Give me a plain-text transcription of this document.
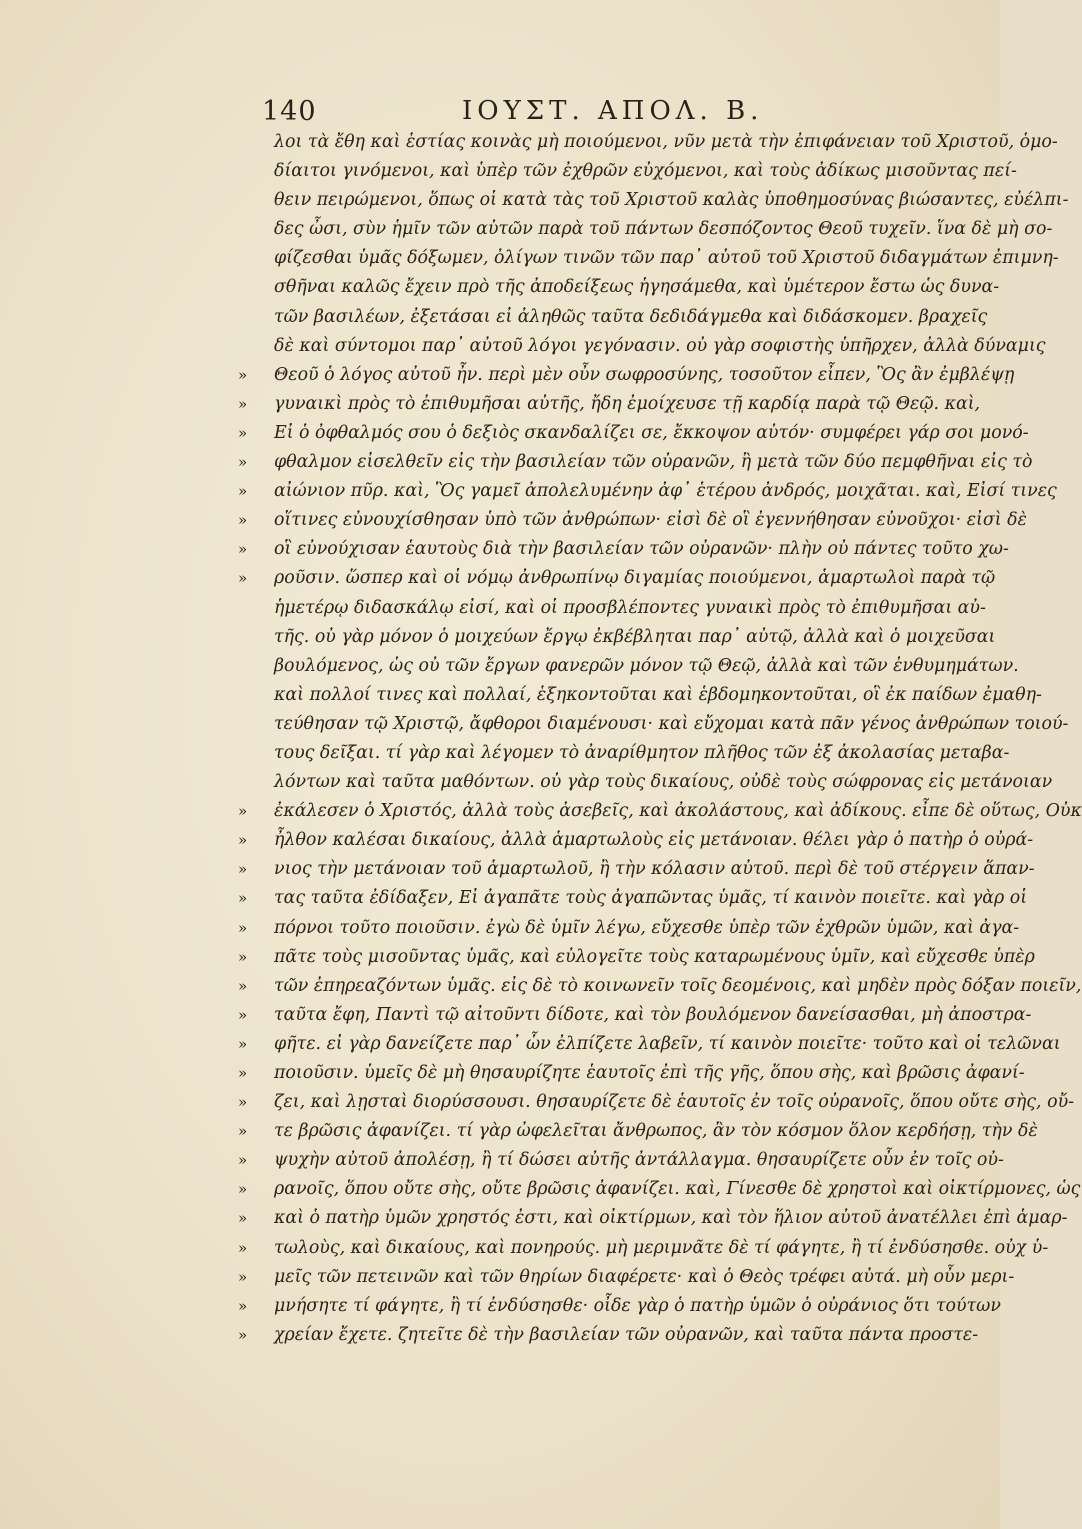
140	ΙΟΥΣΤ. ΑΠΟΛ. Β.
λοι τὰ ἔθη καὶ ἑστίας κοινὰς μὴ ποιούμενοι, νῦν μετὰ τὴν ἐπιφάνειαν τοῦ Χριστοῦ, ὁμο-
δίαιτοι γινόμενοι, καὶ ὑπὲρ τῶν ἐχθρῶν εὐχόμενοι, καὶ τοὺς ἀδίκως μισοῦντας πεί-
θειν πειρώμενοι, ὅπως οἱ κατὰ τὰς τοῦ Χριστοῦ καλὰς ὑποθημοσύνας βιώσαντες, εὐέλπι-
δες ὦσι, σὺν ἡμῖν τῶν αὐτῶν παρὰ τοῦ πάντων δεσπόζοντος Θεοῦ τυχεῖν. ἵνα δὲ μὴ σο-
φίζεσθαι ὑμᾶς δόξωμεν, ὀλίγων τινῶν τῶν παρ᾽ αὐτοῦ τοῦ Χριστοῦ διδαγμάτων ἐπιμνη-
σθῆναι καλῶς ἔχειν πρὸ τῆς ἀποδείξεως ἡγησάμεθα, καὶ ὑμέτερον ἔστω ὡς δυνα-
τῶν βασιλέων, ἐξετάσαι εἰ ἀληθῶς ταῦτα δεδιδάγμεθα καὶ διδάσκομεν. βραχεῖς
δὲ καὶ σύντομοι παρ᾽ αὐτοῦ λόγοι γεγόνασιν. οὐ γὰρ σοφιστὴς ὑπῆρχεν, ἀλλὰ δύναμις
»	Θεοῦ ὁ λόγος αὐτοῦ ἦν. περὶ μὲν οὖν σωφροσύνης, τοσοῦτον εἶπεν, Ὃς ἂν ἐμβλέψῃ
»	γυναικὶ πρὸς τὸ ἐπιθυμῆσαι αὐτῆς, ἤδη ἐμοίχευσε τῇ καρδίᾳ παρὰ τῷ Θεῷ. καὶ,
»	Εἰ ὁ ὀφθαλμός σου ὁ δεξιὸς σκανδαλίζει σε, ἔκκοψον αὐτόν· συμφέρει γάρ σοι μονό-
»	φθαλμον εἰσελθεῖν εἰς τὴν βασιλείαν τῶν οὐρανῶν, ἢ μετὰ τῶν δύο πεμφθῆναι εἰς τὸ
»	αἰώνιον πῦρ. καὶ, Ὃς γαμεῖ ἀπολελυμένην ἀφ᾽ ἑτέρου ἀνδρός, μοιχᾶται. καὶ, Εἰσί τινες
»	οἵτινες εὐνουχίσθησαν ὑπὸ τῶν ἀνθρώπων· εἰσὶ δὲ οἳ ἐγεννήθησαν εὐνοῦχοι· εἰσὶ δὲ
»	οἳ εὐνούχισαν ἑαυτοὺς διὰ τὴν βασιλείαν τῶν οὐρανῶν· πλὴν οὐ πάντες τοῦτο χω-
»	ροῦσιν. ὥσπερ καὶ οἱ νόμῳ ἀνθρωπίνῳ διγαμίας ποιούμενοι, ἁμαρτωλοὶ παρὰ τῷ
ἡμετέρῳ διδασκάλῳ εἰσί, καὶ οἱ προσβλέποντες γυναικὶ πρὸς τὸ ἐπιθυμῆσαι αὐ-
τῆς. οὐ γὰρ μόνον ὁ μοιχεύων ἔργῳ ἐκβέβληται παρ᾽ αὐτῷ, ἀλλὰ καὶ ὁ μοιχεῦσαι
βουλόμενος, ὡς οὐ τῶν ἔργων φανερῶν μόνον τῷ Θεῷ, ἀλλὰ καὶ τῶν ἐνθυμημάτων.
καὶ πολλοί τινες καὶ πολλαί, ἑξηκοντοῦται καὶ ἑβδομηκοντοῦται, οἳ ἐκ παίδων ἐμαθη-
τεύθησαν τῷ Χριστῷ, ἄφθοροι διαμένουσι· καὶ εὔχομαι κατὰ πᾶν γένος ἀνθρώπων τοιού-
τους δεῖξαι. τί γὰρ καὶ λέγομεν τὸ ἀναρίθμητον πλῆθος τῶν ἐξ ἀκολασίας μεταβα-
λόντων καὶ ταῦτα μαθόντων. οὐ γὰρ τοὺς δικαίους, οὐδὲ τοὺς σώφρονας εἰς μετάνοιαν
»	ἐκάλεσεν ὁ Χριστός, ἀλλὰ τοὺς ἀσεβεῖς, καὶ ἀκολάστους, καὶ ἀδίκους. εἶπε δὲ οὕτως, Οὐκ
»	ἦλθον καλέσαι δικαίους, ἀλλὰ ἁμαρτωλοὺς εἰς μετάνοιαν. θέλει γὰρ ὁ πατὴρ ὁ οὐρά-
»	νιος τὴν μετάνοιαν τοῦ ἁμαρτωλοῦ, ἢ τὴν κόλασιν αὐτοῦ. περὶ δὲ τοῦ στέργειν ἅπαν-
»	τας ταῦτα ἐδίδαξεν, Εἰ ἀγαπᾶτε τοὺς ἀγαπῶντας ὑμᾶς, τί καινὸν ποιεῖτε. καὶ γὰρ οἱ
»	πόρνοι τοῦτο ποιοῦσιν. ἐγὼ δὲ ὑμῖν λέγω, εὔχεσθε ὑπὲρ τῶν ἐχθρῶν ὑμῶν, καὶ ἀγα-
»	πᾶτε τοὺς μισοῦντας ὑμᾶς, καὶ εὐλογεῖτε τοὺς καταρωμένους ὑμῖν, καὶ εὔχεσθε ὑπὲρ
»	τῶν ἐπηρεαζόντων ὑμᾶς. εἰς δὲ τὸ κοινωνεῖν τοῖς δεομένοις, καὶ μηδὲν πρὸς δόξαν ποιεῖν,
»	ταῦτα ἔφη, Παντὶ τῷ αἰτοῦντι δίδοτε, καὶ τὸν βουλόμενον δανείσασθαι, μὴ ἀποστρα-
»	φῆτε. εἰ γὰρ δανείζετε παρ᾽ ὧν ἐλπίζετε λαβεῖν, τί καινὸν ποιεῖτε· τοῦτο καὶ οἱ τελῶναι
»	ποιοῦσιν. ὑμεῖς δὲ μὴ θησαυρίζητε ἑαυτοῖς ἐπὶ τῆς γῆς, ὅπου σὴς, καὶ βρῶσις ἀφανί-
»	ζει, καὶ λῃσταὶ διορύσσουσι. θησαυρίζετε δὲ ἑαυτοῖς ἐν τοῖς οὐρανοῖς, ὅπου οὔτε σὴς, οὔ-
»	τε βρῶσις ἀφανίζει. τί γὰρ ὠφελεῖται ἄνθρωπος, ἂν τὸν κόσμον ὅλον κερδήσῃ, τὴν δὲ
»	ψυχὴν αὐτοῦ ἀπολέσῃ, ἢ τί δώσει αὐτῆς ἀντάλλαγμα. θησαυρίζετε οὖν ἐν τοῖς οὐ-
»	ρανοῖς, ὅπου οὔτε σὴς, οὔτε βρῶσις ἀφανίζει. καὶ, Γίνεσθε δὲ χρηστοὶ καὶ οἰκτίρμονες, ὡς
»	καὶ ὁ πατὴρ ὑμῶν χρηστός ἐστι, καὶ οἰκτίρμων, καὶ τὸν ἥλιον αὐτοῦ ἀνατέλλει ἐπὶ ἁμαρ-
»	τωλοὺς, καὶ δικαίους, καὶ πονηρούς. μὴ μεριμνᾶτε δὲ τί φάγητε, ἢ τί ἐνδύσησθε. οὐχ ὑ-
»	μεῖς τῶν πετεινῶν καὶ τῶν θηρίων διαφέρετε· καὶ ὁ Θεὸς τρέφει αὐτά. μὴ οὖν μερι-
»	μνήσητε τί φάγητε, ἢ τί ἐνδύσησθε· οἶδε γὰρ ὁ πατὴρ ὑμῶν ὁ οὐράνιος ὅτι τούτων
»	χρείαν ἔχετε. ζητεῖτε δὲ τὴν βασιλείαν τῶν οὐρανῶν, καὶ ταῦτα πάντα προστε-
